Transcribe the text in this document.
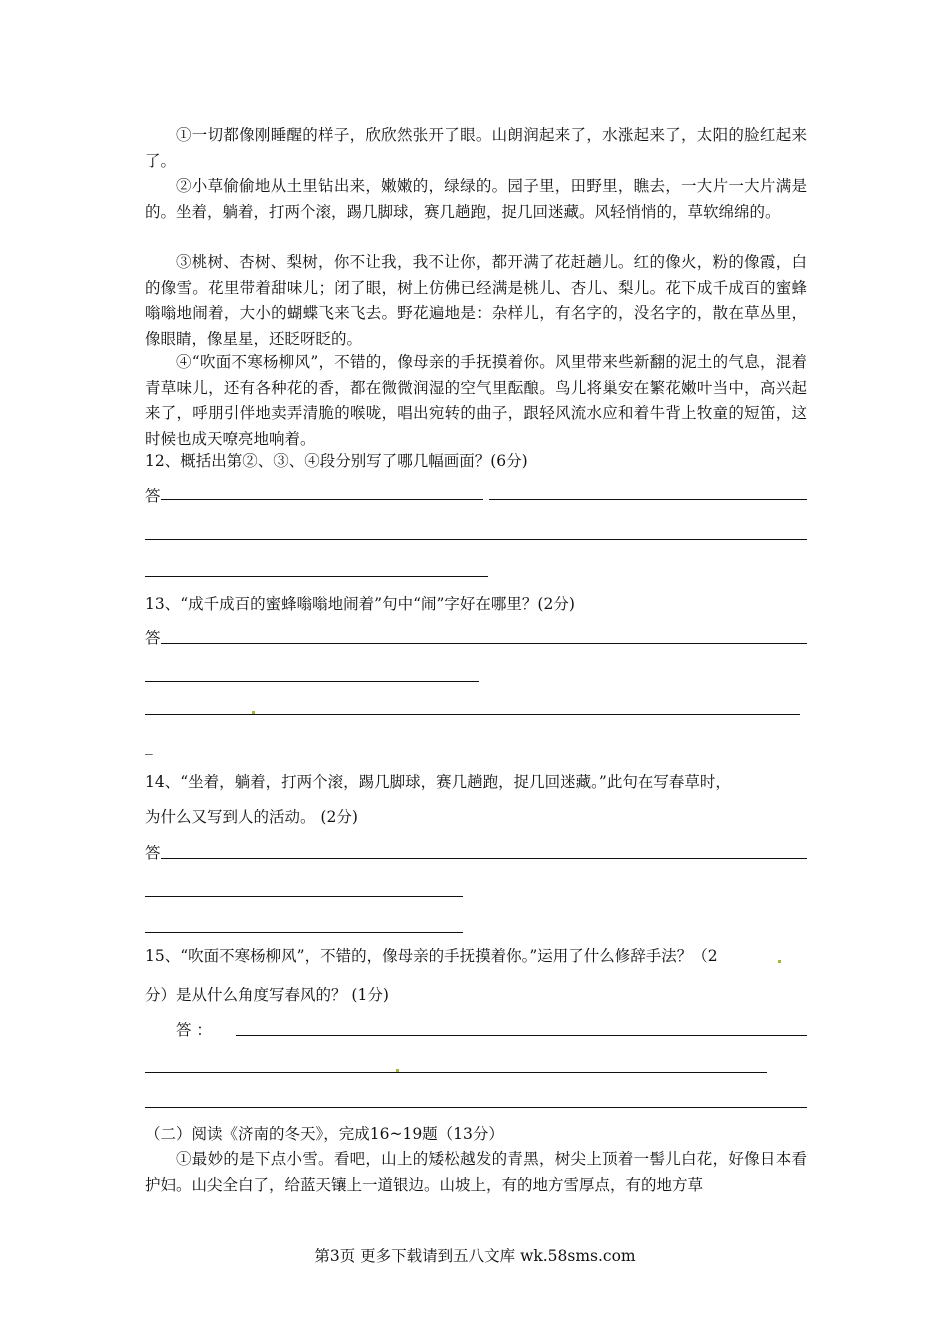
①一切都像刚睡醒的样子，欣欣然张开了眼。山朗润起来了，水涨起来了，太阳的脸红起来了。

②小草偷偷地从土里钻出来，嫩嫩的，绿绿的。园子里，田野里，瞧去，一大片一大片满是的。坐着，躺着，打两个滚，踢几脚球，赛几趟跑，捉几回迷藏。风轻悄悄的，草软绵绵的。

③桃树、杏树、梨树，你不让我，我不让你，都开满了花赶趟儿。红的像火，粉的像霞，白的像雪。花里带着甜味儿；闭了眼，树上仿佛已经满是桃儿、杏儿、梨儿。花下成千成百的蜜蜂嗡嗡地闹着，大小的蝴蝶飞来飞去。野花遍地是：杂样儿，有名字的，没名字的，散在草丛里，像眼睛，像星星，还眨呀眨的。

④“吹面不寒杨柳风”，不错的，像母亲的手抚摸着你。风里带来些新翻的泥土的气息，混着青草味儿，还有各种花的香，都在微微润湿的空气里酝酿。鸟儿将巢安在繁花嫩叶当中，高兴起来了，呼朋引伴地卖弄清脆的喉咙，唱出宛转的曲子，跟轻风流水应和着牛背上牧童的短笛，这时候也成天嘹亮地响着。

12、概括出第②、③、④段分别写了哪几幅画面？(6分)
答
13、“成千成百的蜜蜂嗡嗡地闹着”句中“闹”字好在哪里？(2分)
答
_
14、“坐着，躺着，打两个滚，踢几脚球，赛几趟跑，捉几回迷藏。”此句在写春草时，
为什么又写到人的活动。 (2分)
答
15、“吹面不寒杨柳风”，不错的，像母亲的手抚摸着你。”运用了什么修辞手法？（2
分）是从什么角度写春风的？ (1分)
答 ：
（二）阅读《济南的冬天》，完成16~19题（13分）

①最妙的是下点小雪。看吧，山上的矮松越发的青黑，树尖上顶着一髻儿白花，好像日本看护妇。山尖全白了，给蓝天镶上一道银边。山坡上，有的地方雪厚点，有的地方草

第3页 更多下载请到五八文库 wk.58sms.com
